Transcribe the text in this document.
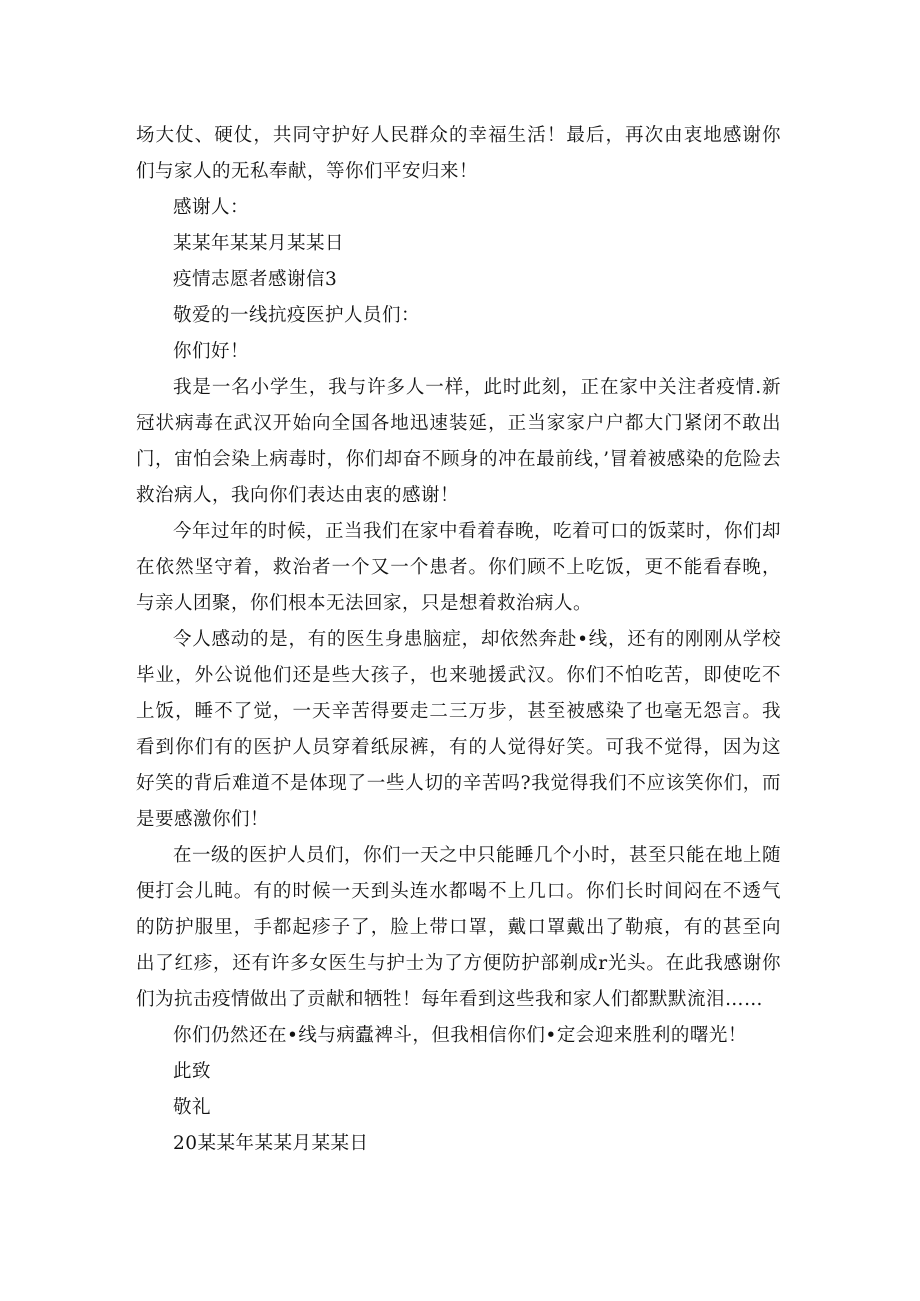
场大仗、硬仗，共同守护好人民群众的幸福生活！最后，再次由衷地感谢你们与家人的无私奉献，等你们平安归来！

感谢人：

某某年某某月某某日

疫情志愿者感谢信3

敬爱的一线抗疫医护人员们：

你们好！

我是一名小学生，我与许多人一样，此时此刻，正在家中关注者疫情.新冠状病毒在武汉开始向全国各地迅速装延，正当家家户户都大门紧闭不敢出门，宙怕会染上病毒时，你们却奋不顾身的冲在最前线，’冒着被感染的危险去救治病人，我向你们表达由衷的感谢！

今年过年的时候，正当我们在家中看着春晚，吃着可口的饭菜时，你们却在依然坚守着，救治者一个又一个患者。你们顾不上吃饭，更不能看春晚，与亲人团聚，你们根本无法回家，只是想着救治病人。

令人感动的是，有的医生身患脑症，却依然奔赴•线，还有的刚刚从学校毕业，外公说他们还是些大孩子，也来驰援武汉。你们不怕吃苦，即使吃不上饭，睡不了觉，一天辛苦得要走二三万步，甚至被感染了也毫无怨言。我看到你们有的医护人员穿着纸尿裤，有的人觉得好笑。可我不觉得，因为这好笑的背后难道不是体现了一些人切的辛苦吗?我觉得我们不应该笑你们，而是要感激你们！

在一级的医护人员们，你们一天之中只能睡几个小时，甚至只能在地上随便打会儿盹。有的时候一天到头连水都喝不上几口。你们长时间闷在不透气的防护服里，手都起疹子了，脸上带口罩，戴口罩戴出了勒痕，有的甚至向出了红疹，还有许多女医生与护士为了方便防护部剃成r光头。在此我感谢你们为抗击疫情做出了贡献和牺牲！每年看到这些我和家人们都默默流泪……

你们仍然还在•线与病蠹裨斗，但我相信你们•定会迎来胜利的曙光！

此致

敬礼

20某某年某某月某某日
